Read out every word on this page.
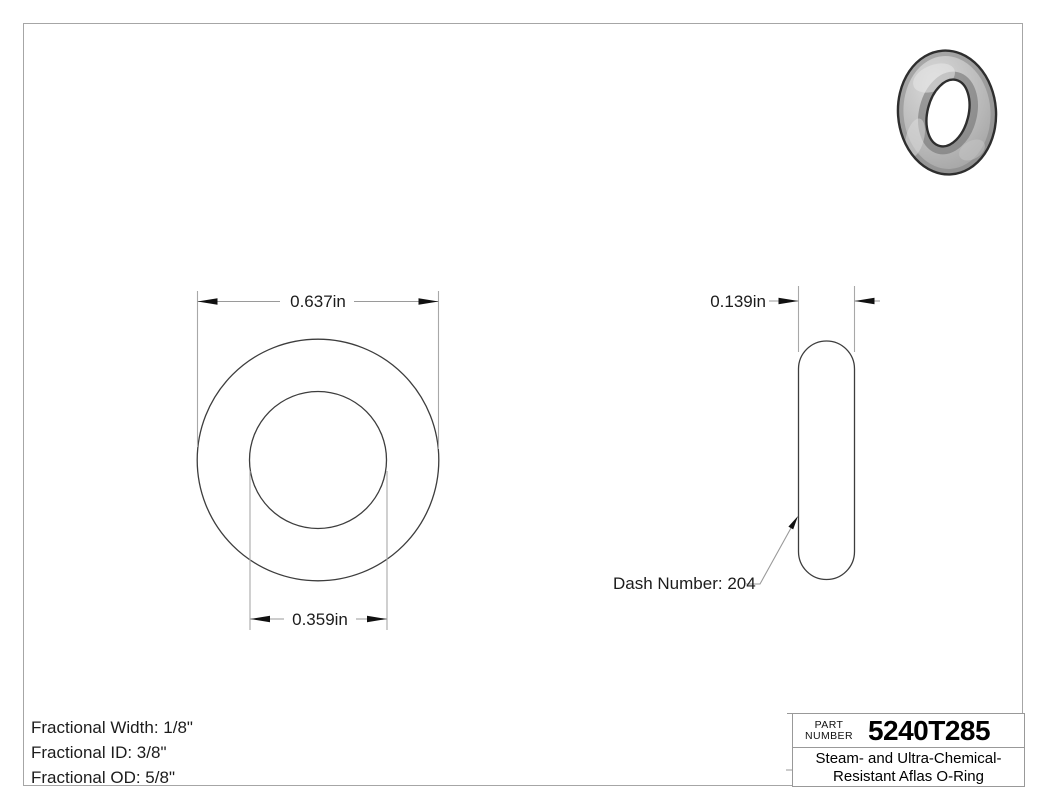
0.637in
0.359in
0.139in
Dash Number: 204
Fractional Width: 1/8"
Fractional ID: 3/8"
Fractional OD: 5/8"
PART
NUMBER 5240T285
Steam- and Ultra-Chemical-
Resistant Aflas O-Ring
